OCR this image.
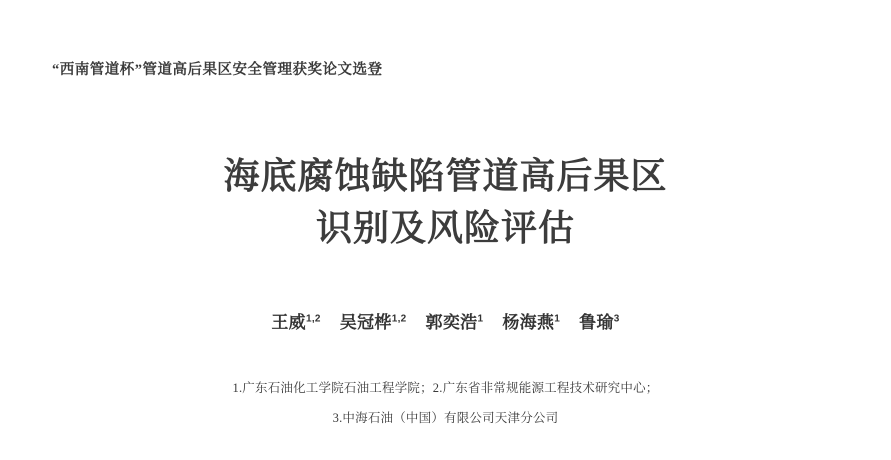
“西南管道杯”管道高后果区安全管理获奖论文选登
海底腐蚀缺陷管道高后果区
识别及风险评估
王威$^{1,2}$ 吴冠桦$^{1,2}$ 郭奕浩$^1$ 杨海燕$^1$ 鲁瑜$^3$
1.广东石油化工学院石油工程学院；2.广东省非常规能源工程技术研究中心；
3.中海石油（中国）有限公司天津分公司
